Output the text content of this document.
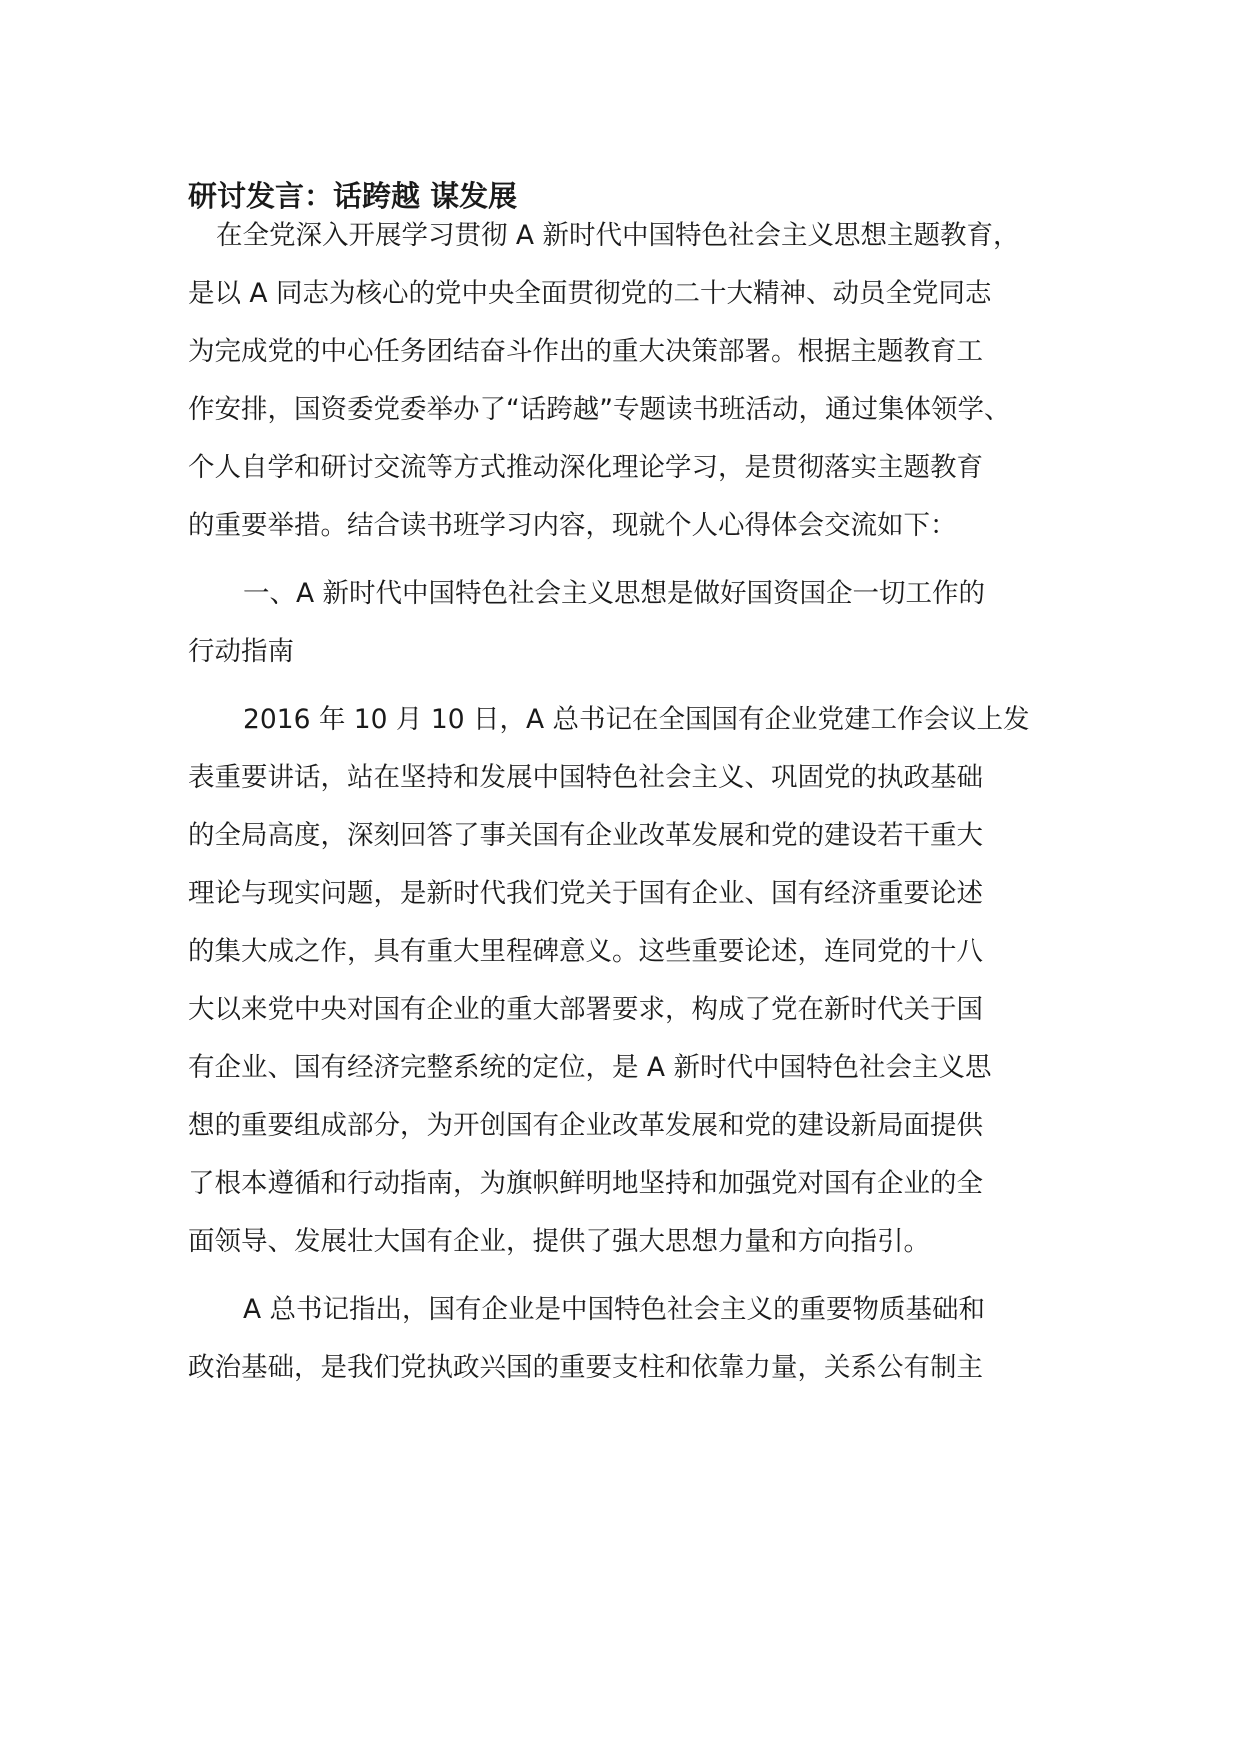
研讨发言：话跨越 谋发展

在全党深入开展学习贯彻 A 新时代中国特色社会主义思想主题教育，

是以 A 同志为核心的党中央全面贯彻党的二十大精神、动员全党同志

为完成党的中心任务团结奋斗作出的重大决策部署。根据主题教育工

作安排，国资委党委举办了“话跨越”专题读书班活动，通过集体领学、

个人自学和研讨交流等方式推动深化理论学习，是贯彻落实主题教育

的重要举措。结合读书班学习内容，现就个人心得体会交流如下：

一、A 新时代中国特色社会主义思想是做好国资国企一切工作的

行动指南

2016 年 10 月 10 日，A 总书记在全国国有企业党建工作会议上发

表重要讲话，站在坚持和发展中国特色社会主义、巩固党的执政基础

的全局高度，深刻回答了事关国有企业改革发展和党的建设若干重大

理论与现实问题，是新时代我们党关于国有企业、国有经济重要论述

的集大成之作，具有重大里程碑意义。这些重要论述，连同党的十八

大以来党中央对国有企业的重大部署要求，构成了党在新时代关于国

有企业、国有经济完整系统的定位，是 A 新时代中国特色社会主义思

想的重要组成部分，为开创国有企业改革发展和党的建设新局面提供

了根本遵循和行动指南，为旗帜鲜明地坚持和加强党对国有企业的全

面领导、发展壮大国有企业，提供了强大思想力量和方向指引。

A 总书记指出，国有企业是中国特色社会主义的重要物质基础和

政治基础，是我们党执政兴国的重要支柱和依靠力量，关系公有制主
